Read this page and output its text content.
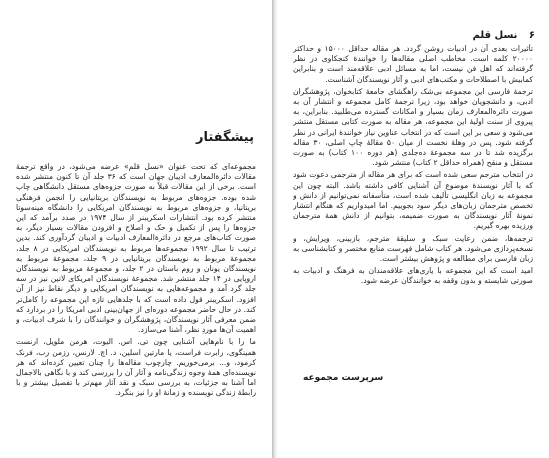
پیشگفتار

مجموعه‌ای که تحت عنوان «نسل قلم» عرضه می‌شود، در واقع ترجمهٔ مقالات دائرةالمعارف ادیبان جهان است که ۳۶ جلد آن تا کنون منتشر شده است. برخی از این مقالات قبلاً به صورت جزوه‌های مستقل دانشگاهی چاپ شده بوده. جزوه‌های مربوط به نویسندگان بریتانیایی را انجمن فرهنگی بریتانیا، و جزوه‌های مربوط به نویسندگان امریکایی را دانشگاه مینه‌سوتا منتشر کرده بود. انتشارات اسکریبنر از سال ۱۹۷۴ در صدد برآمد که این جزوه‌ها را پس از تکمیل و حک و اصلاح و افزودن مقالات بسیار دیگر، به صورت کتاب‌های مرجع در دائرةالمعارف ادبیات و ادیبان گردآوری کند. بدین ترتیب تا سال ۱۹۹۲ مجموعه‌ها مربوط به نویسندگان امریکایی در ۸ جلد، مجموعهٔ مربوط به نویسندگان بریتانیایی در ۹ جلد، مجموعهٔ مربوط به نویسندگان یونان و روم باستان در ۲ جلد، و مجموعهٔ مربوط به نویسندگان اروپایی در ۱۴ جلد منتشر شد. مجموعهٔ نویسندگان امریکای لاتین نیز در سه جلد گرد آمد و مجموعه‌هایی به نویسندگان امریکایی و دیگر نقاط نیز از آن افزود. اسکریبنر قول داده است که با جلدهایی تازه این مجموعه را کامل‌تر کند. در حال حاضر مجموعه دوره‌ای از جهان‌بینی ادبی امریکا را در بردارد که ضمن معرفی آثار نویسندگان، پژوهشگران و خوانندگان را با شرف ادبیات، و اهمیت آن‌ها موردِ نظر، آشنا می‌سازد.

ما را با نام‌هایی آشنایی چون تی. اس. الیوت، هرمن ملویل، ارنست همینگوی، رابرت فراست، یا مارتین اسلین، د. اچ. لارنس، رزمن رب، فرنک کرمود، و... برمی‌خوریم. چارچوب مقاله‌ها را چنان تعیین کرده‌اند که هر نویسنده‌ای همهٔ وجوه زندگی‌نامه و آثار آن را بررسی کند و با نگاهی بالاجمال اما آشنا به جزئیات، به بررسی سبک و نقد آثار مهم‌تر با تفصیل بیشتر و با رابطهٔ زندگی نویسنده و زمانهٔ او را نیز بنگرد.

۶ نسل قلم

تأثیرات بعدی آن در ادبیات روشن گردد. هر مقاله حداقل ۱۵۰۰۰ و حداکثر ۲۰۰۰۰ کلمه است. مخاطب اصلی مقاله‌ها را خوانندهٔ کنجکاوی در نظر گرفته‌اند که اهل فن نیست، اما به مسائل ادبی علاقه‌مند است و بنابراین کمابیش با اصطلاحات و مکتب‌های ادبی و آثار نویسندگان آشناست.

ترجمهٔ فارسی این مجموعه بی‌شک راهگشای جامعهٔ کتابخوان، پژوهشگران ادبی، و دانشجویان خواهد بود، زیرا ترجمهٔ کامل مجموعه و انتشار آن به صورت دائرةالمعارف زمان بسیار و امکانات گسترده می‌طلبید. بنابراین، به پیروی از سنت اولیهٔ این مجموعه، هر مقاله به صورت کتابی مستقل منتشر می‌شود و سعی بر این است که در انتخاب عناوین نیاز خوانندهٔ ایرانی در نظر گرفته شود. پس در وهلهٔ نخست از میان ۵۰ مقالهٔ چاپ اصلی، ۳۰ مقاله برگزیده شد تا در سه مجموعهٔ ده‌جلدی (هر دوره ۱۰۰ کتاب) به صورت مستقل و منقح (همراه حداقل ۲ کتاب) منتشر شود.

در انتخاب مترجم سعی شده است که برای هر مقاله از مترجمی دعوت شود که با آثار نویسندهٔ موضوع آن آشنایی کافی داشته باشد. البته چون این مجموعه به زبان انگلیسی تألیف شده است، متأسفانه نمی‌توانیم از دانش و تخصص مترجمان زبان‌های دیگر سود بجوییم. اما امیدواریم که هنگام انتشار نمونهٔ آثار نویسندگان به صورت ضمیمه، بتوانیم از دانش همهٔ مترجمان ورزیده بهره گیریم.

ترجمه‌ها، ضمن رعایت سبک و سلیقهٔ مترجم، بازبینی، ویرایش، و نسخه‌پردازی می‌شود. هر کتاب شامل فهرست منابع مختصر و کتابشناسی به زبان فارسی برای مطالعه و پژوهش بیشتر است.

امید است که این مجموعه با یاری‌های علاقه‌مندان به فرهنگ و ادبیات به صورتی شایسته و بدون وقفه به خوانندگان عرضه شود.

سرپرست مجموعه
